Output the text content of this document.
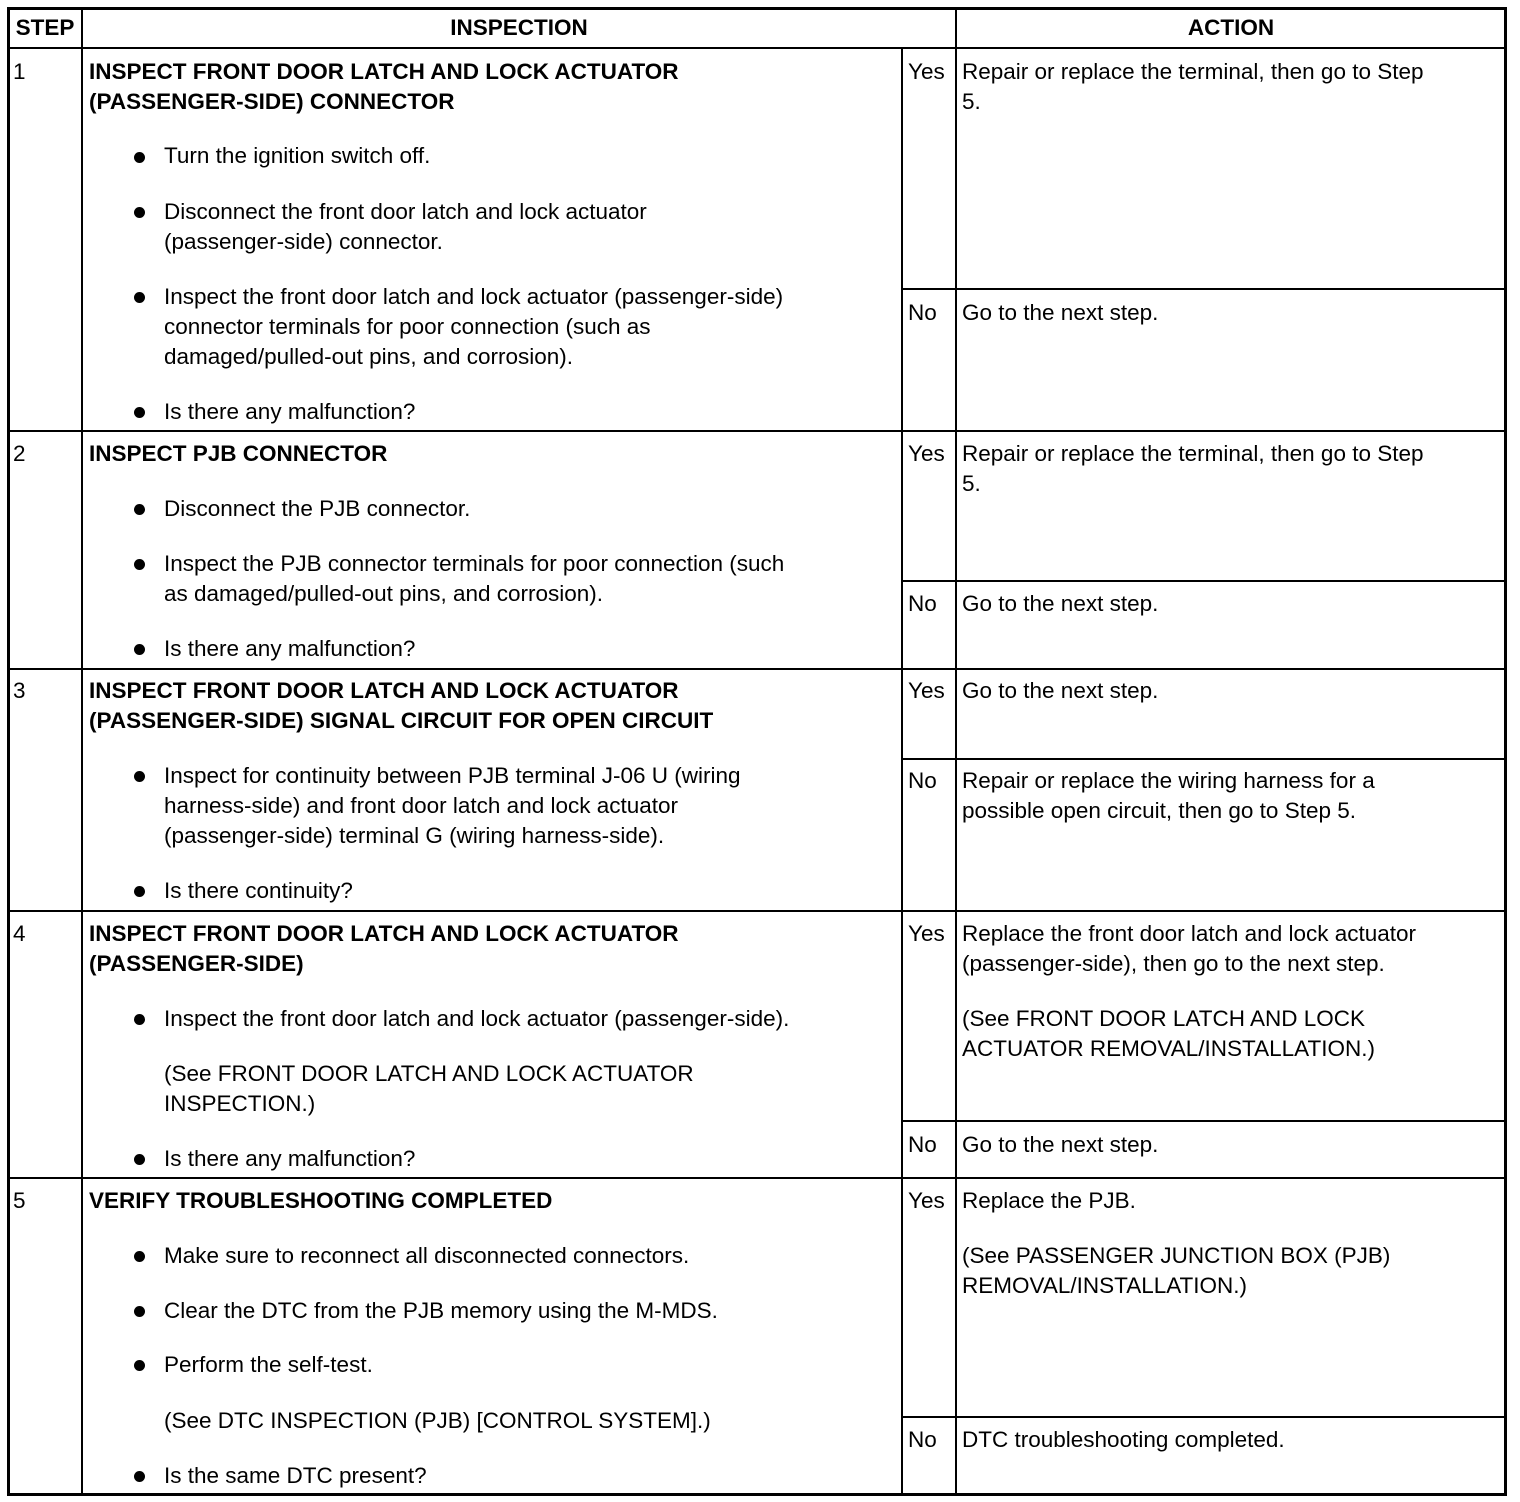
STEP	INSPECTION	ACTION
1	INSPECT FRONT DOOR LATCH AND LOCK ACTUATOR
(PASSENGER-SIDE) CONNECTOR
Turn the ignition switch off.
Disconnect the front door latch and lock actuator
(passenger-side) connector.
Inspect the front door latch and lock actuator (passenger-side)
connector terminals for poor connection (such as
damaged/pulled-out pins, and corrosion).
Is there any malfunction?
Yes Repair or replace the terminal, then go to Step
5.
No Go to the next step.
2	INSPECT PJB CONNECTOR
Disconnect the PJB connector.
Inspect the PJB connector terminals for poor connection (such
as damaged/pulled-out pins, and corrosion).
Is there any malfunction?
Yes Repair or replace the terminal, then go to Step
5.
No Go to the next step.
3	INSPECT FRONT DOOR LATCH AND LOCK ACTUATOR
(PASSENGER-SIDE) SIGNAL CIRCUIT FOR OPEN CIRCUIT
Inspect for continuity between PJB terminal J-06 U (wiring
harness-side) and front door latch and lock actuator
(passenger-side) terminal G (wiring harness-side).
Is there continuity?
Yes Go to the next step.
No Repair or replace the wiring harness for a
possible open circuit, then go to Step 5.
4	INSPECT FRONT DOOR LATCH AND LOCK ACTUATOR
(PASSENGER-SIDE)
Inspect the front door latch and lock actuator (passenger-side).
(See FRONT DOOR LATCH AND LOCK ACTUATOR
INSPECTION.)
Is there any malfunction?
Yes Replace the front door latch and lock actuator
(passenger-side), then go to the next step.
(See FRONT DOOR LATCH AND LOCK
ACTUATOR REMOVAL/INSTALLATION.)
No Go to the next step.
5	VERIFY TROUBLESHOOTING COMPLETED
Make sure to reconnect all disconnected connectors.
Clear the DTC from the PJB memory using the M-MDS.
Perform the self-test.
(See DTC INSPECTION (PJB) [CONTROL SYSTEM].)
Is the same DTC present?
Yes Replace the PJB.
(See PASSENGER JUNCTION BOX (PJB)
REMOVAL/INSTALLATION.)
No DTC troubleshooting completed.
